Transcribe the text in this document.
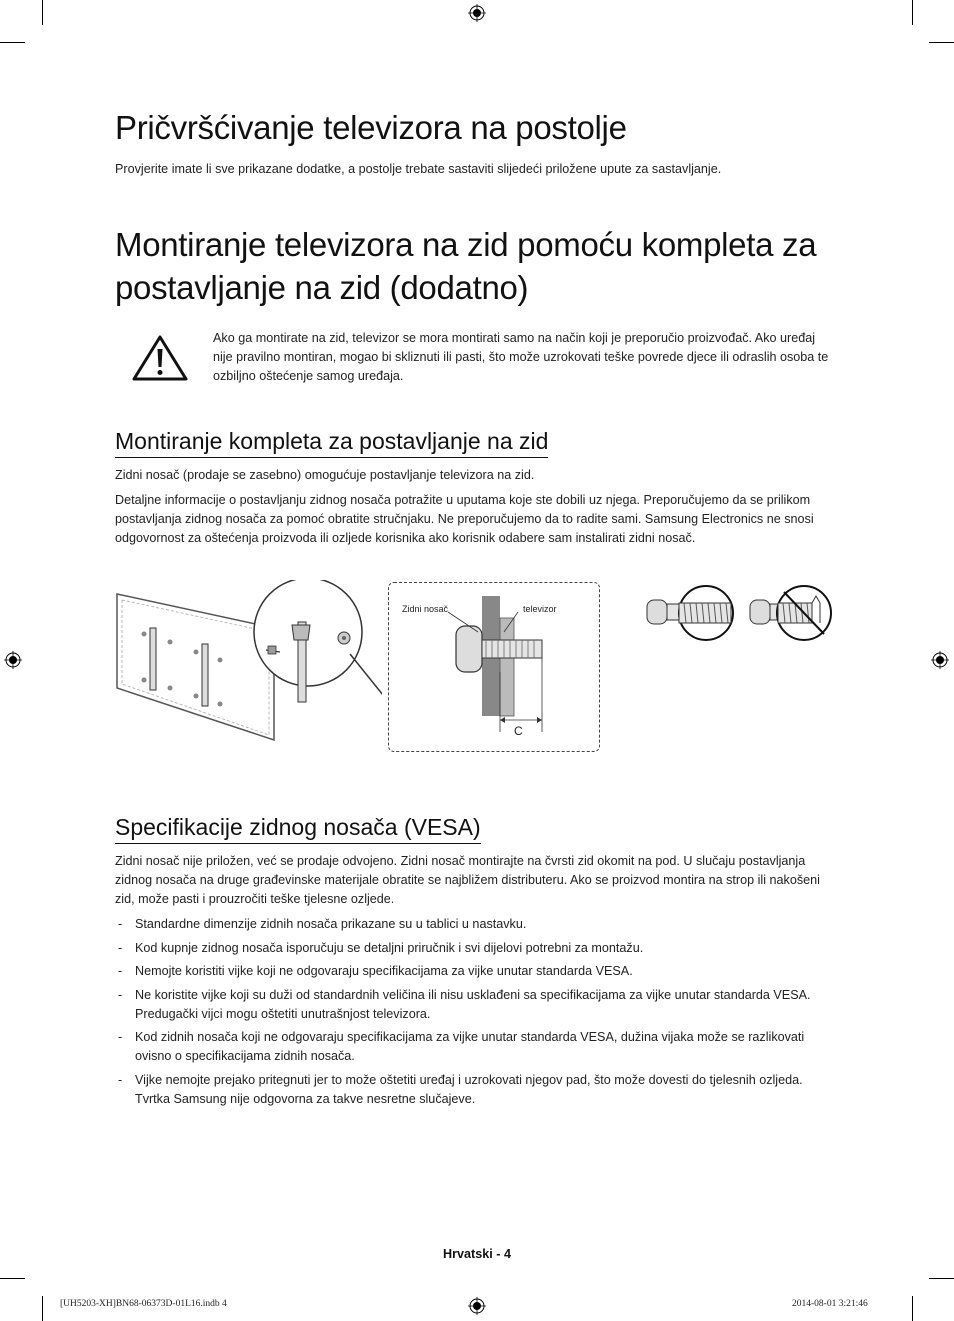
Pričvršćivanje televizora na postolje

Provjerite imate li sve prikazane dodatke, a postolje trebate sastaviti slijedeći priložene upute za sastavljanje.

Montiranje televizora na zid pomoću kompleta za
postavljanje na zid (dodatno)

Ako ga montirate na zid, televizor se mora montirati samo na način koji je preporučio proizvođač. Ako uređaj nije pravilno montiran, mogao bi skliznuti ili pasti, što može uzrokovati teške povrede djece ili odraslih osoba te ozbiljno oštećenje samog uređaja.

Montiranje kompleta za postavljanje na zid

Zidni nosač (prodaje se zasebno) omogućuje postavljanje televizora na zid.

Detaljne informacije o postavljanju zidnog nosača potražite u uputama koje ste dobili uz njega. Preporučujemo da se prilikom postavljanja zidnog nosača za pomoć obratite stručnjaku. Ne preporučujemo da to radite sami. Samsung Electronics ne snosi odgovornost za oštećenja proizvoda ili ozljede korisnika ako korisnik odabere sam instalirati zidni nosač.

Zidni nosač	televizor
C
Specifikacije zidnog nosača (VESA)

Zidni nosač nije priložen, već se prodaje odvojeno. Zidni nosač montirajte na čvrsti zid okomit na pod. U slučaju postavljanja zidnog nosača na druge građevinske materijale obratite se najbližem distributeru. Ako se proizvod montira na strop ili nakošeni zid, može pasti i prouzročiti teške tjelesne ozljede.

- Standardne dimenzije zidnih nosača prikazane su u tablici u nastavku.
- Kod kupnje zidnog nosača isporučuju se detaljni priručnik i svi dijelovi potrebni za montažu.
- Nemojte koristiti vijke koji ne odgovaraju specifikacijama za vijke unutar standarda VESA.
- Ne koristite vijke koji su duži od standardnih veličina ili nisu usklađeni sa specifikacijama za vijke unutar standarda VESA. Predugački vijci mogu oštetiti unutrašnjost televizora.
- Kod zidnih nosača koji ne odgovaraju specifikacijama za vijke unutar standarda VESA, dužina vijaka može se razlikovati ovisno o specifikacijama zidnih nosača.
- Vijke nemojte prejako pritegnuti jer to može oštetiti uređaj i uzrokovati njegov pad, što može dovesti do tjelesnih ozljeda. Tvrtka Samsung nije odgovorna za takve nesretne slučajeve.
Hrvatski - 4
[UH5203-XH]BN68-06373D-01L16.indb 4	2014-08-01 3:21:46
